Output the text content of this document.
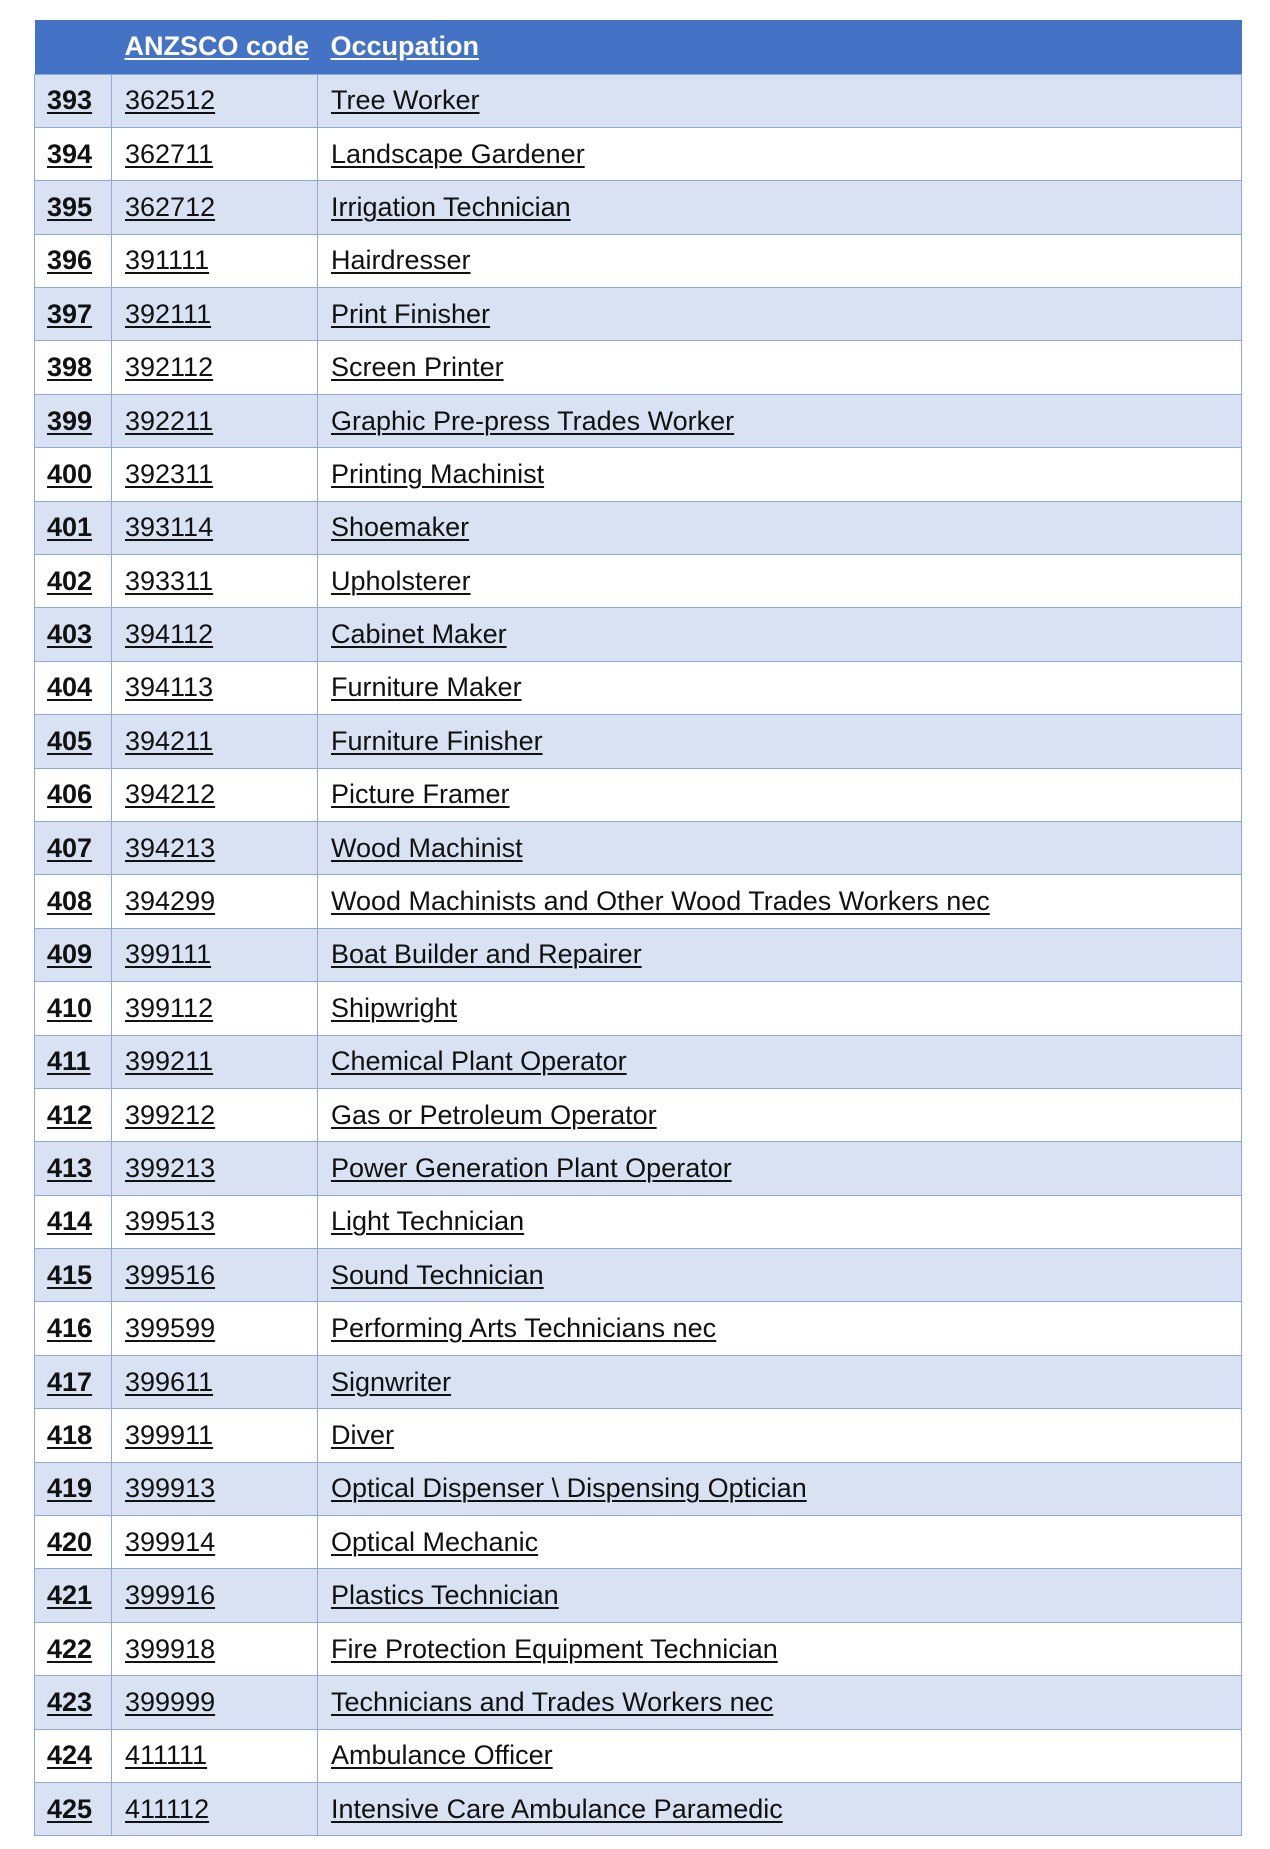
	ANZSCO code	Occupation
393	362512	Tree Worker
394	362711	Landscape Gardener
395	362712	Irrigation Technician
396	391111	Hairdresser
397	392111	Print Finisher
398	392112	Screen Printer
399	392211	Graphic Pre-press Trades Worker
400	392311	Printing Machinist
401	393114	Shoemaker
402	393311	Upholsterer
403	394112	Cabinet Maker
404	394113	Furniture Maker
405	394211	Furniture Finisher
406	394212	Picture Framer
407	394213	Wood Machinist
408	394299	Wood Machinists and Other Wood Trades Workers nec
409	399111	Boat Builder and Repairer
410	399112	Shipwright
411	399211	Chemical Plant Operator
412	399212	Gas or Petroleum Operator
413	399213	Power Generation Plant Operator
414	399513	Light Technician
415	399516	Sound Technician
416	399599	Performing Arts Technicians nec
417	399611	Signwriter
418	399911	Diver
419	399913	Optical Dispenser \ Dispensing Optician
420	399914	Optical Mechanic
421	399916	Plastics Technician
422	399918	Fire Protection Equipment Technician
423	399999	Technicians and Trades Workers nec
424	411111	Ambulance Officer
425	411112	Intensive Care Ambulance Paramedic
